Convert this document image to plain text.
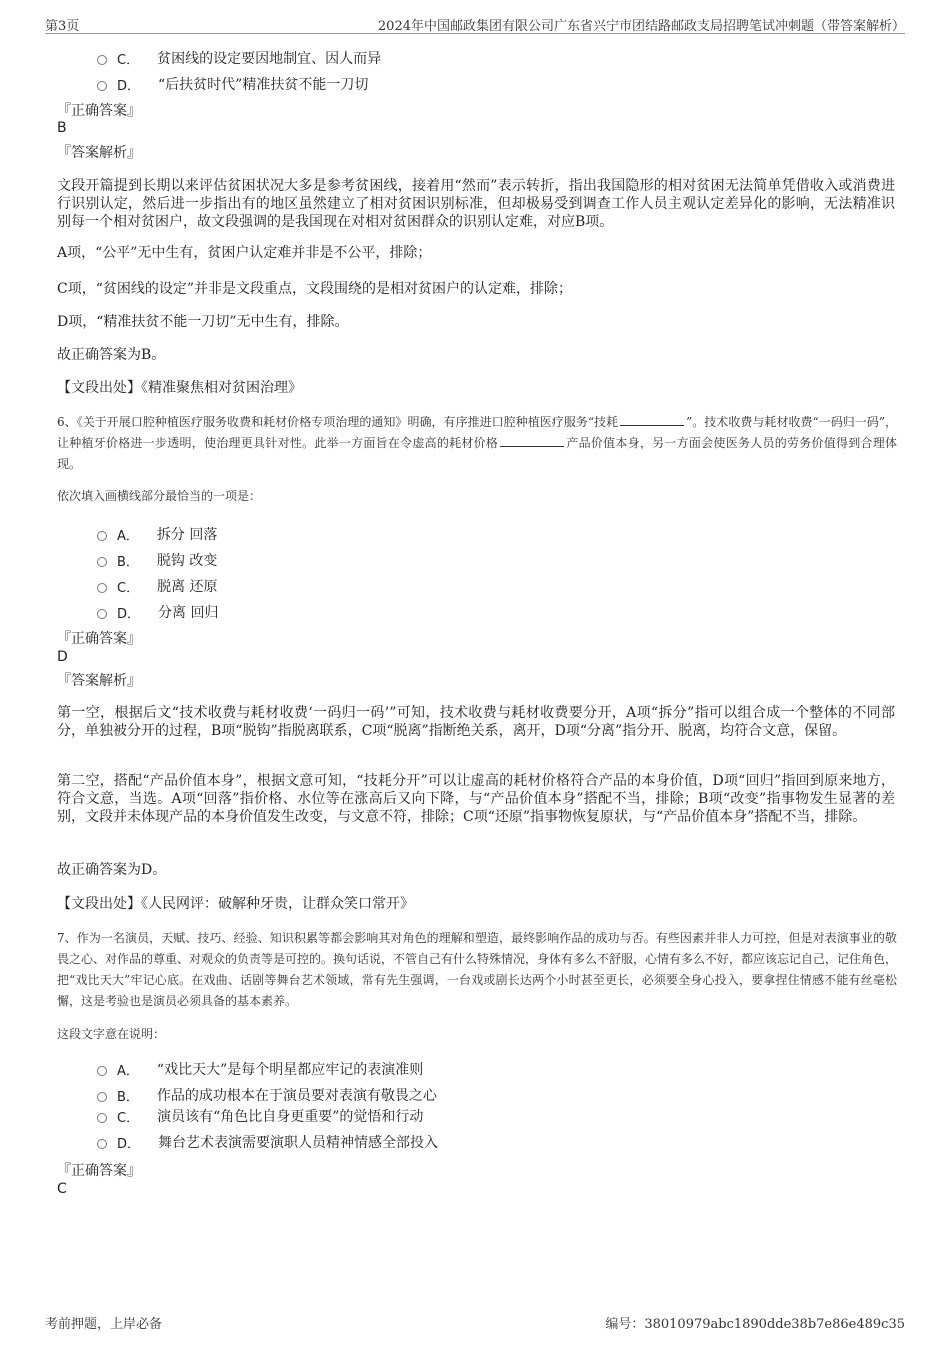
第3页	2024年中国邮政集团有限公司广东省兴宁市团结路邮政支局招聘笔试冲刺题（带答案解析）
C． 贫困线的设定要因地制宜、因人而异
D． “后扶贫时代”精准扶贫不能一刀切
『正确答案』
B
『答案解析』
文段开篇提到长期以来评估贫困状况大多是参考贫困线，接着用“然而”表示转折，指出我国隐形的相对贫困无法简单凭借收入或消费进行识别认定，然后进一步指出有的地区虽然建立了相对贫困识别标准，但却极易受到调查工作人员主观认定差异化的影响，无法精准识别每一个相对贫困户，故文段强调的是我国现在对相对贫困群众的识别认定难，对应B项。
A项，“公平”无中生有，贫困户认定难并非是不公平，排除；
C项，“贫困线的设定”并非是文段重点，文段围绕的是相对贫困户的认定难，排除；
D项，“精准扶贫不能一刀切”无中生有，排除。
故正确答案为B。
【文段出处】《精准聚焦相对贫困治理》
6、《关于开展口腔种植医疗服务收费和耗材价格专项治理的通知》明确，有序推进口腔种植医疗服务“技耗	”。技术收费与耗材收费“一码归一码”，让种植牙价格进一步透明，使治理更具针对性。此举一方面旨在令虚高的耗材价格	产品价值本身，另一方面会使医务人员的劳务价值得到合理体现。
依次填入画横线部分最恰当的一项是：
A． 拆分 回落
B． 脱钩 改变
C． 脱离 还原
D． 分离 回归
『正确答案』
D
『答案解析』
第一空，根据后文“技术收费与耗材收费‘一码归一码’”可知，技术收费与耗材收费要分开，A项“拆分”指可以组合成一个整体的不同部分，单独被分开的过程，B项“脱钩”指脱离联系，C项“脱离”指断绝关系，离开，D项“分离”指分开、脱离，均符合文意，保留。
第二空，搭配“产品价值本身”，根据文意可知，“技耗分开”可以让虚高的耗材价格符合产品的本身价值，D项“回归”指回到原来地方，符合文意，当选。A项“回落”指价格、水位等在涨高后又向下降，与“产品价值本身”搭配不当，排除；B项“改变”指事物发生显著的差别，文段并未体现产品的本身价值发生改变，与文意不符，排除；C项“还原”指事物恢复原状，与“产品价值本身”搭配不当，排除。
故正确答案为D。
【文段出处】《人民网评：破解种牙贵，让群众笑口常开》
7、作为一名演员，天赋、技巧、经验、知识积累等都会影响其对角色的理解和塑造，最终影响作品的成功与否。有些因素并非人力可控，但是对表演事业的敬畏之心、对作品的尊重、对观众的负责等是可控的。换句话说，不管自己有什么特殊情况，身体有多么不舒服，心情有多么不好，都应该忘记自己，记住角色，把“戏比天大”牢记心底。在戏曲、话剧等舞台艺术领域，常有先生强调，一台戏或剧长达两个小时甚至更长，必须要全身心投入，要拿捏住情感不能有丝毫松懈，这是考验也是演员必须具备的基本素养。
这段文字意在说明：
A． “戏比天大”是每个明星都应牢记的表演准则
B． 作品的成功根本在于演员要对表演有敬畏之心
C． 演员该有“角色比自身更重要”的觉悟和行动
D． 舞台艺术表演需要演职人员精神情感全部投入
『正确答案』
C
考前押题，上岸必备	编号：38010979abc1890dde38b7e86e489c35
